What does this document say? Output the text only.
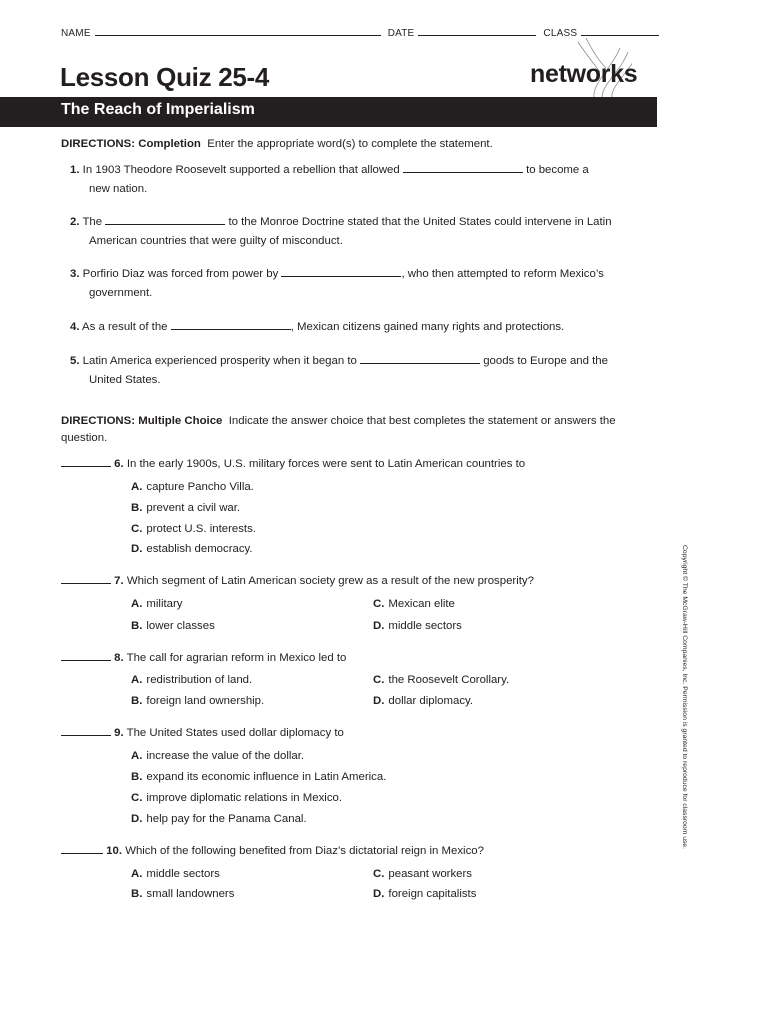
NAME	DATE	CLASS
Lesson Quiz 25-4	networks
The Reach of Imperialism
DIRECTIONS: Completion Enter the appropriate word(s) to complete the statement.
1. In 1903 Theodore Roosevelt supported a rebellion that allowed	to become a
new nation.
2. The	to the Monroe Doctrine stated that the United States could intervene in Latin
American countries that were guilty of misconduct.
3. Porfirio Diaz was forced from power by	, who then attempted to reform Mexico’s
government.
4. As a result of the	, Mexican citizens gained many rights and protections.
5. Latin America experienced prosperity when it began to	goods to Europe and the
United States.
DIRECTIONS: Multiple Choice Indicate the answer choice that best completes the statement or answers the question.
6. In the early 1900s, U.S. military forces were sent to Latin American countries to
A. capture Pancho Villa.
B. prevent a civil war.
C. protect U.S. interests.
D. establish democracy.
7. Which segment of Latin American society grew as a result of the new prosperity?
A. military	C. Mexican elite
B. lower classes	D. middle sectors
8. The call for agrarian reform in Mexico led to
A. redistribution of land.	C. the Roosevelt Corollary.
B. foreign land ownership.	D. dollar diplomacy.
9. The United States used dollar diplomacy to
A. increase the value of the dollar.
B. expand its economic influence in Latin America.
C. improve diplomatic relations in Mexico.
D. help pay for the Panama Canal.
10. Which of the following benefited from Diaz’s dictatorial reign in Mexico?
A. middle sectors	C. peasant workers
B. small landowners	D. foreign capitalists
Copyright © The McGraw-Hill Companies, Inc. Permission is granted to reproduce for classroom use.
